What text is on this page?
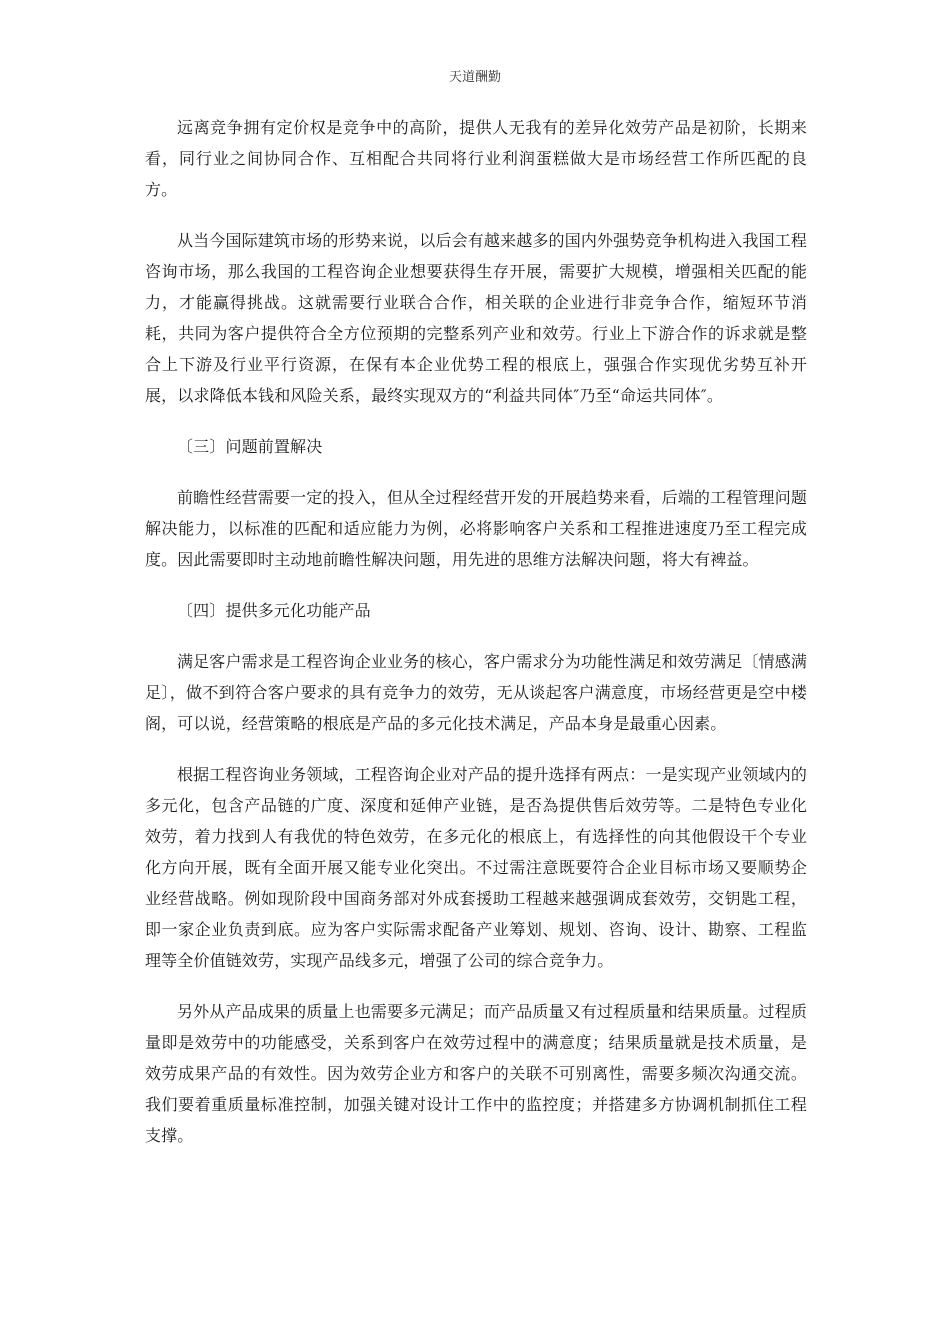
天道酬勤

远离竞争拥有定价权是竞争中的高阶，提供人无我有的差异化效劳产品是初阶，长期来看，同行业之间协同合作、互相配合共同将行业利润蛋糕做大是市场经营工作所匹配的良方。

从当今国际建筑市场的形势来说，以后会有越来越多的国内外强势竞争机构进入我国工程咨询市场，那么我国的工程咨询企业想要获得生存开展，需要扩大规模，增强相关匹配的能力，才能赢得挑战。这就需要行业联合合作，相关联的企业进行非竞争合作，缩短环节消耗，共同为客户提供符合全方位预期的完整系列产业和效劳。行业上下游合作的诉求就是整合上下游及行业平行资源，在保有本企业优势工程的根底上，强强合作实现优劣势互补开展，以求降低本钱和风险关系，最终实现双方的“利益共同体″乃至“命运共同体″。

〔三〕问题前置解决

前瞻性经营需要一定的投入，但从全过程经营开发的开展趋势来看，后端的工程管理问题解决能力，以标准的匹配和适应能力为例，必将影响客户关系和工程推进速度乃至工程完成度。因此需要即时主动地前瞻性解决问题，用先进的思维方法解决问题，将大有裨益。

〔四〕提供多元化功能产品

满足客户需求是工程咨询企业业务的核心，客户需求分为功能性满足和效劳满足〔情感满足〕，做不到符合客户要求的具有竞争力的效劳，无从谈起客户满意度，市场经营更是空中楼阁，可以说，经营策略的根底是产品的多元化技术满足，产品本身是最重心因素。

根据工程咨询业务领域，工程咨询企业对产品的提升选择有两点：一是实现产业领域内的多元化，包含产品链的广度、深度和延伸产业链，是否為提供售后效劳等。二是特色专业化效劳，着力找到人有我优的特色效劳，在多元化的根底上，有选择性的向其他假设干个专业化方向开展，既有全面开展又能专业化突出。不过需注意既要符合企业目标市场又要顺势企业经营战略。例如现阶段中国商务部对外成套援助工程越来越强调成套效劳，交钥匙工程，即一家企业负责到底。应为客户实际需求配备产业筹划、规划、咨询、设计、勘察、工程监理等全价值链效劳，实现产品线多元，增强了公司的综合竞争力。

另外从产品成果的质量上也需要多元满足；而产品质量又有过程质量和结果质量。过程质量即是效劳中的功能感受，关系到客户在效劳过程中的满意度；结果质量就是技术质量，是效劳成果产品的有效性。因为效劳企业方和客户的关联不可别离性，需要多频次沟通交流。我们要着重质量标准控制，加强关键对设计工作中的监控度；并搭建多方协调机制抓住工程支撑。
